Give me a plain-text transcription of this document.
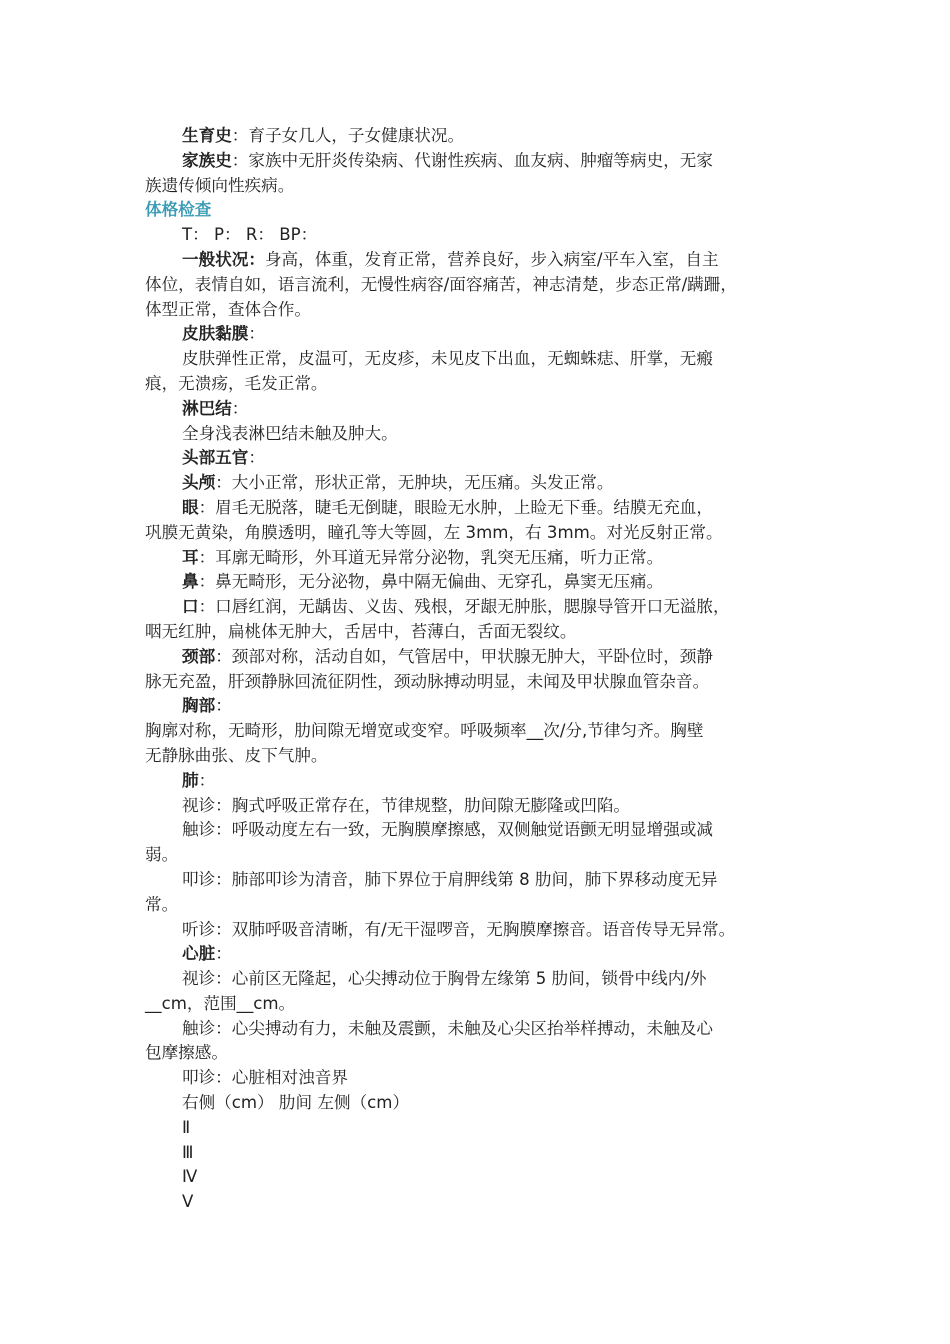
生育史：育子女几人，子女健康状况。
家族史：家族中无肝炎传染病、代谢性疾病、血友病、肿瘤等病史，无家
族遗传倾向性疾病。
体格检查
T： P： R： BP：
一般状况：身高，体重，发育正常，营养良好，步入病室/平车入室，自主
体位，表情自如，语言流利，无慢性病容/面容痛苦，神志清楚，步态正常/蹒跚，
体型正常，查体合作。
皮肤黏膜：
皮肤弹性正常，皮温可，无皮疹，未见皮下出血，无蜘蛛痣、肝掌，无瘢
痕，无溃疡，毛发正常。
淋巴结：
全身浅表淋巴结未触及肿大。
头部五官：
头颅：大小正常，形状正常，无肿块，无压痛。头发正常。
眼：眉毛无脱落，睫毛无倒睫，眼睑无水肿，上睑无下垂。结膜无充血，
巩膜无黄染，角膜透明，瞳孔等大等圆，左 3mm，右 3mm。对光反射正常。
耳：耳廓无畸形，外耳道无异常分泌物，乳突无压痛，听力正常。
鼻：鼻无畸形，无分泌物，鼻中隔无偏曲、无穿孔，鼻窦无压痛。
口：口唇红润，无龋齿、义齿、残根，牙龈无肿胀，腮腺导管开口无溢脓，
咽无红肿，扁桃体无肿大，舌居中，苔薄白，舌面无裂纹。
颈部：颈部对称，活动自如，气管居中，甲状腺无肿大，平卧位时，颈静
脉无充盈，肝颈静脉回流征阴性，颈动脉搏动明显，未闻及甲状腺血管杂音。
胸部：
胸廓对称，无畸形，肋间隙无增宽或变窄。呼吸频率__次/分,节律匀齐。胸壁
无静脉曲张、皮下气肿。
肺：
视诊：胸式呼吸正常存在，节律规整，肋间隙无膨隆或凹陷。
触诊：呼吸动度左右一致，无胸膜摩擦感，双侧触觉语颤无明显增强或减
弱。
叩诊：肺部叩诊为清音，肺下界位于肩胛线第 8 肋间，肺下界移动度无异
常。
听诊：双肺呼吸音清晰，有/无干湿啰音，无胸膜摩擦音。语音传导无异常。
心脏：
视诊：心前区无隆起，心尖搏动位于胸骨左缘第 5 肋间，锁骨中线内/外
__cm，范围__cm。
触诊：心尖搏动有力，未触及震颤，未触及心尖区抬举样搏动，未触及心
包摩擦感。
叩诊：心脏相对浊音界
右侧（cm） 肋间 左侧（cm）
Ⅱ
Ⅲ
Ⅳ
Ⅴ
